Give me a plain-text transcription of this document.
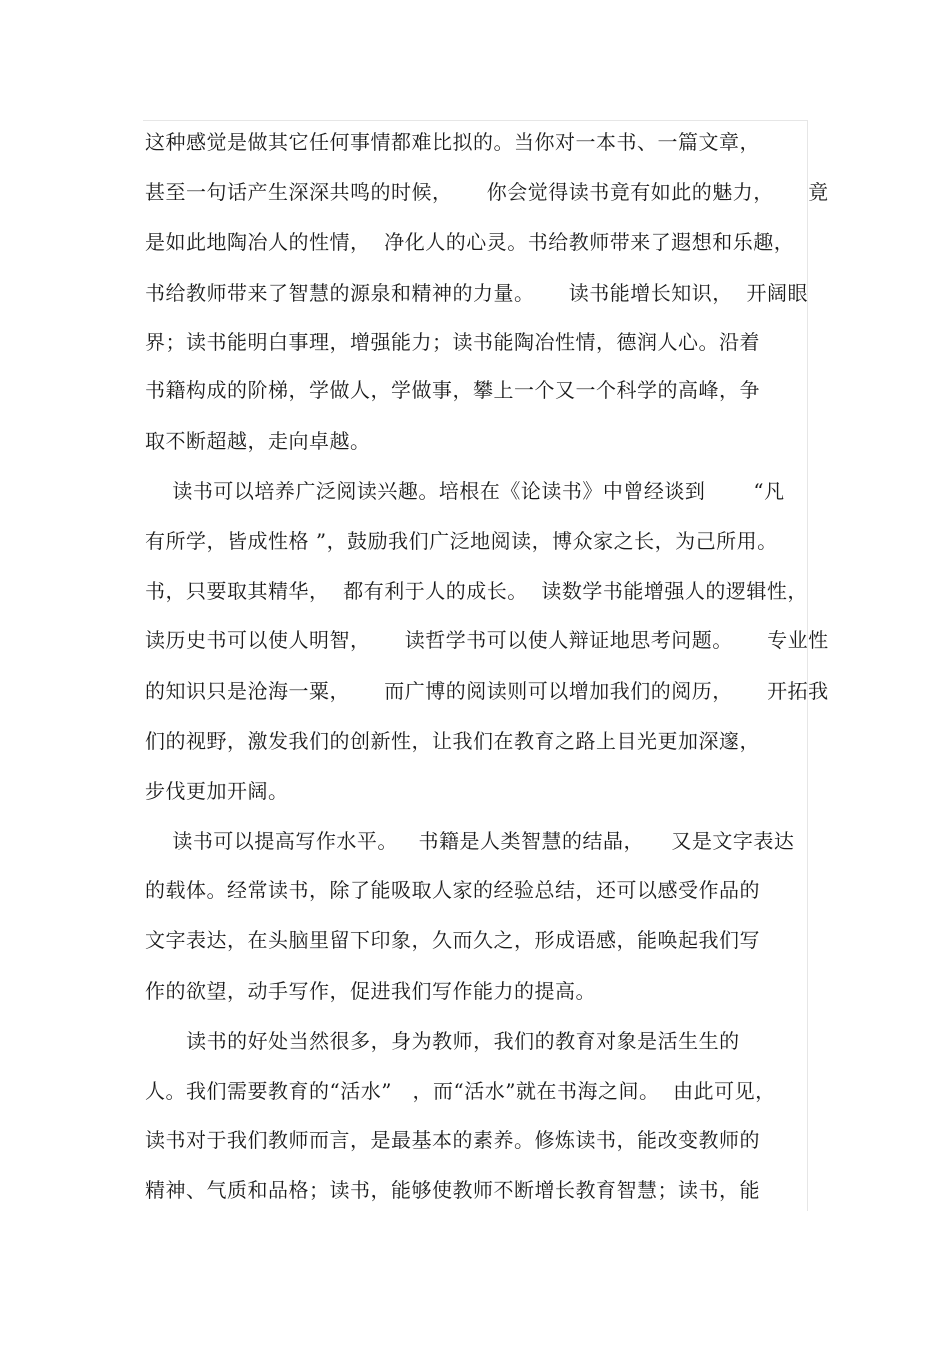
这种感觉是做其它任何事情都难比拟的。当你对一本书、一篇文章，
甚至一句话产生深深共鸣的时候，     你会觉得读书竟有如此的魅力，     竟
是如此地陶冶人的性情，  净化人的心灵。书给教师带来了遐想和乐趣，
书给教师带来了智慧的源泉和精神的力量。     读书能增长知识，  开阔眼
界；读书能明白事理，增强能力；读书能陶冶性情，德润人心。沿着
书籍构成的阶梯，学做人，学做事，攀上一个又一个科学的高峰，争
取不断超越，走向卓越。
读书可以培养广泛阅读兴趣。培根在《论读书》中曾经谈到       “凡
有所学，皆成性格 ”，鼓励我们广泛地阅读，博众家之长，为己所用。
书，只要取其精华，  都有利于人的成长。  读数学书能增强人的逻辑性，
读历史书可以使人明智，     读哲学书可以使人辩证地思考问题。     专业性
的知识只是沧海一粟，     而广博的阅读则可以增加我们的阅历，     开拓我
们的视野，激发我们的创新性，让我们在教育之路上目光更加深邃，
步伐更加开阔。
读书可以提高写作水平。   书籍是人类智慧的结晶，    又是文字表达
的载体。经常读书，除了能吸取人家的经验总结，还可以感受作品的
文字表达，在头脑里留下印象，久而久之，形成语感，能唤起我们写
作的欲望，动手写作，促进我们写作能力的提高。
读书的好处当然很多，身为教师，我们的教育对象是活生生的
人。我们需要教育的“活水”   ，而“活水”就在书海之间。  由此可见，
读书对于我们教师而言，是最基本的素养。修炼读书，能改变教师的
精神、气质和品格；读书，能够使教师不断增长教育智慧；读书，能
